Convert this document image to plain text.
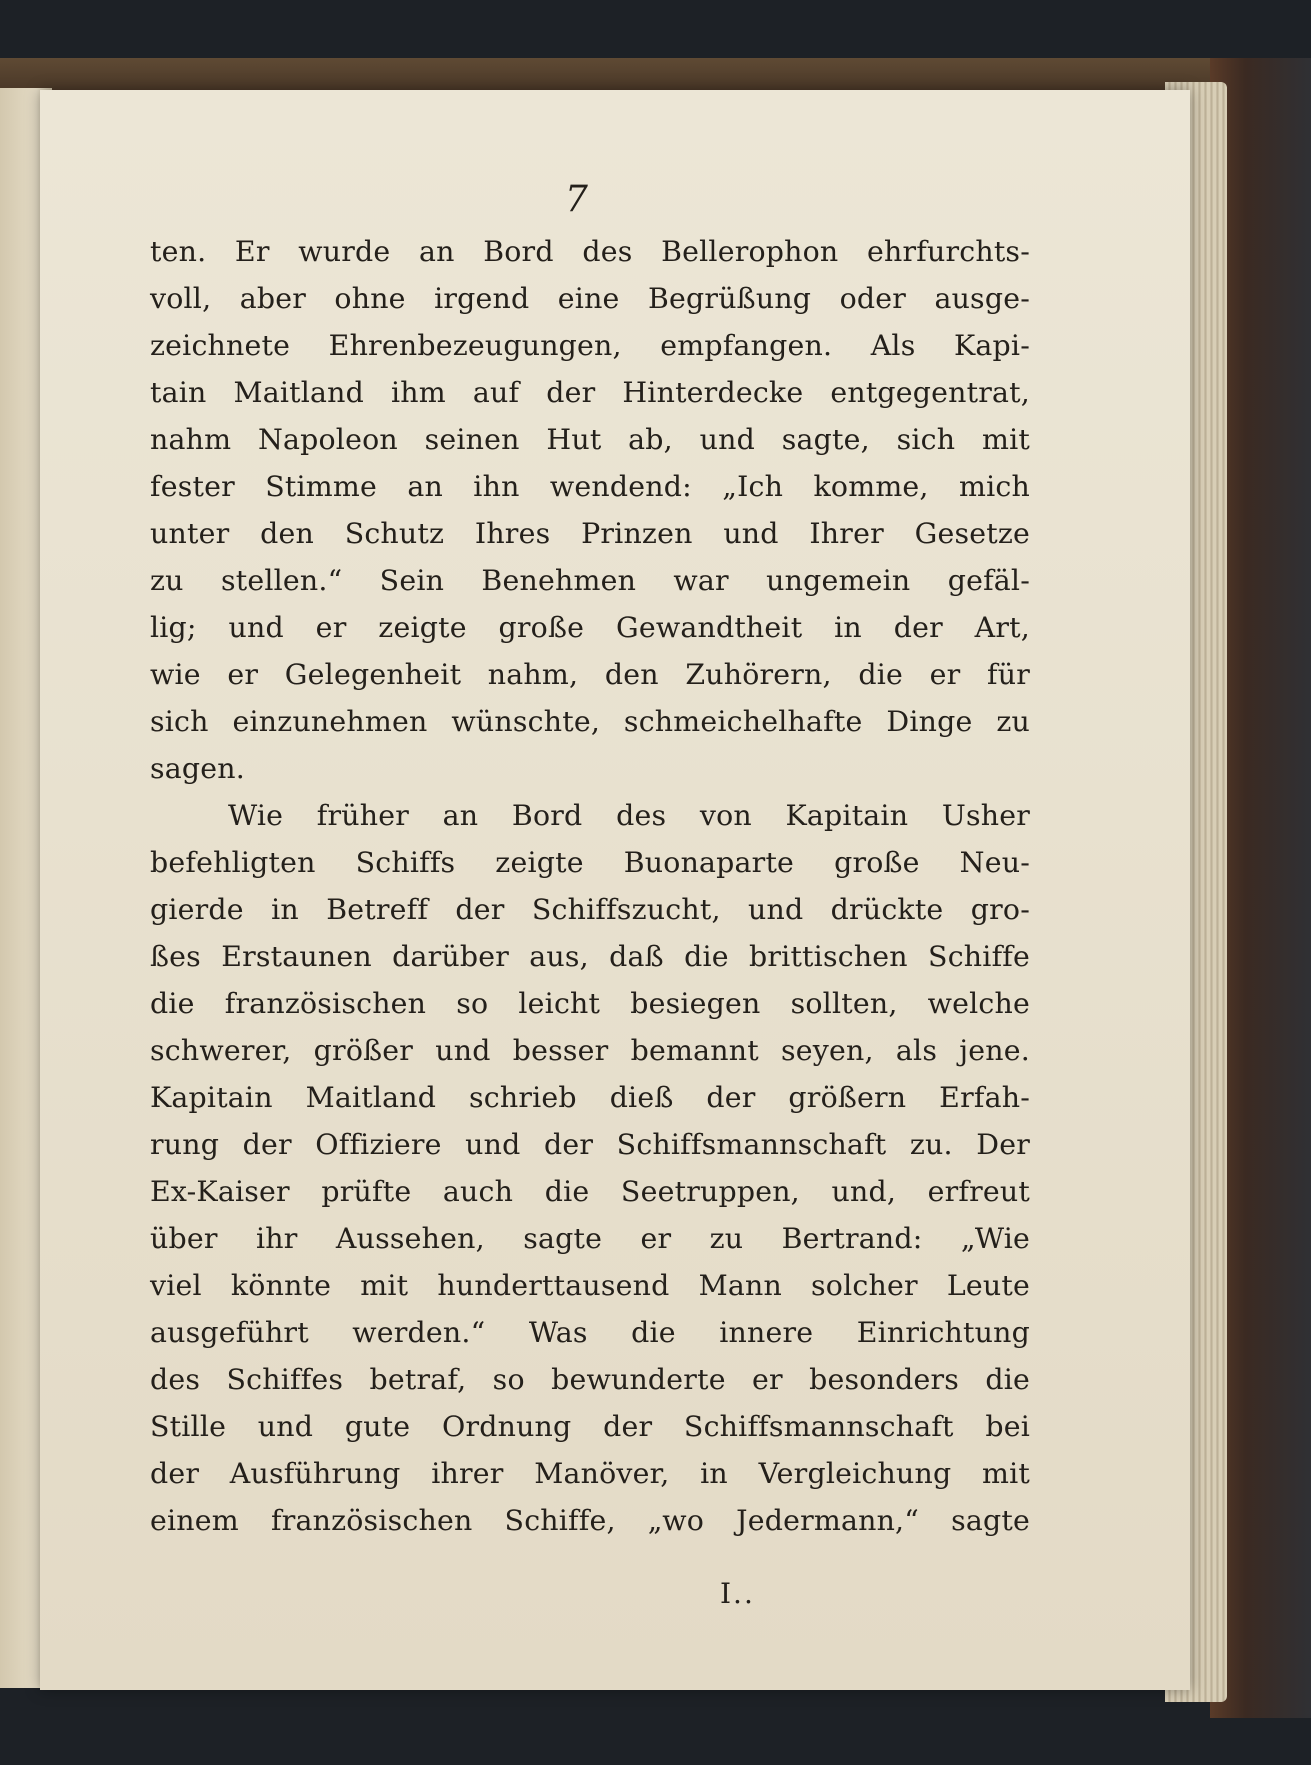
7
ten. Er wurde an Bord des Bellerophon ehrfurchts-
voll, aber ohne irgend eine Begrüßung oder ausge-
zeichnete Ehrenbezeugungen, empfangen. Als Kapi-
tain Maitland ihm auf der Hinterdecke entgegentrat,
nahm Napoleon seinen Hut ab, und sagte, sich mit
fester Stimme an ihn wendend: „Ich komme, mich
unter den Schutz Ihres Prinzen und Ihrer Gesetze
zu stellen.“ Sein Benehmen war ungemein gefäl-
lig; und er zeigte große Gewandtheit in der Art,
wie er Gelegenheit nahm, den Zuhörern, die er für
sich einzunehmen wünschte, schmeichelhafte Dinge zu
sagen.
Wie früher an Bord des von Kapitain Usher
befehligten Schiffs zeigte Buonaparte große Neu-
gierde in Betreff der Schiffszucht, und drückte gro-
ßes Erstaunen darüber aus, daß die brittischen Schiffe
die französischen so leicht besiegen sollten, welche
schwerer, größer und besser bemannt seyen, als jene.
Kapitain Maitland schrieb dieß der größern Erfah-
rung der Offiziere und der Schiffsmannschaft zu. Der
Ex-Kaiser prüfte auch die Seetruppen, und, erfreut
über ihr Aussehen, sagte er zu Bertrand: „Wie
viel könnte mit hunderttausend Mann solcher Leute
ausgeführt werden.“ Was die innere Einrichtung
des Schiffes betraf, so bewunderte er besonders die
Stille und gute Ordnung der Schiffsmannschaft bei
der Ausführung ihrer Manöver, in Vergleichung mit
einem französischen Schiffe, „wo Jedermann,“ sagte
I..
